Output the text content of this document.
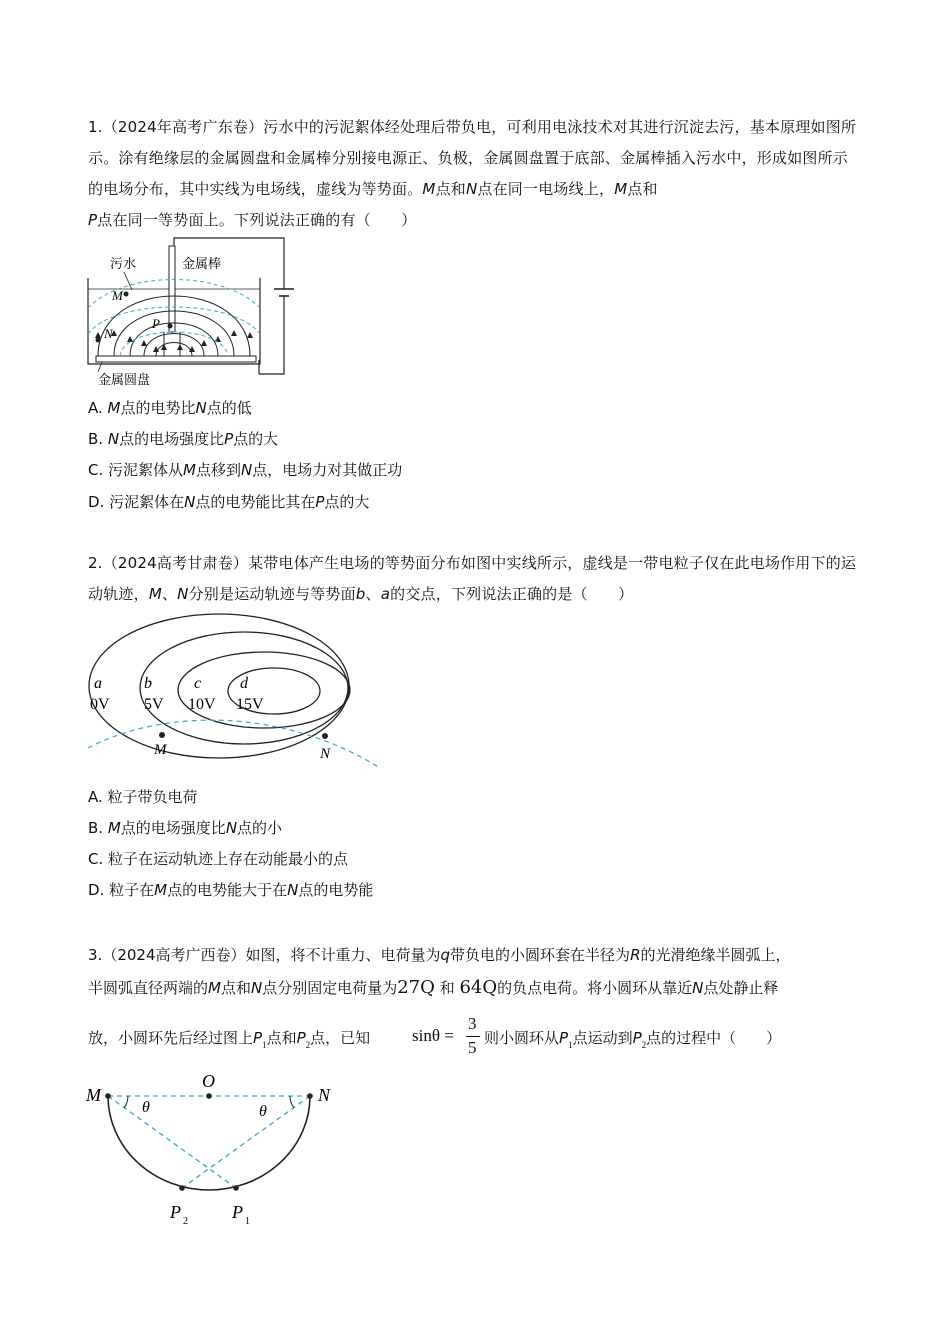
1.（2024年高考广东卷）污水中的污泥絮体经处理后带负电，可利用电泳技术对其进行沉淀去污，基本原理如图所示。涂有绝缘层的金属圆盘和金属棒分别接电源正、负极，金属圆盘置于底部、金属棒插入污水中，形成如图所示的电场分布，其中实线为电场线，虚线为等势面。M点和N点在同一电场线上，M点和
P点在同一等势面上。下列说法正确的有（　　）
M
N
P
污水	金属棒
金属圆盘
A. M点的电势比N点的低
B. N点的电场强度比P点的大
C. 污泥絮体从M点移到N点，电场力对其做正功
D. 污泥絮体在N点的电势能比其在P点的大
2.（2024高考甘肃卷）某带电体产生电场的等势面分布如图中实线所示，虚线是一带电粒子仅在此电场作用下的运动轨迹，M、N分别是运动轨迹与等势面b、a的交点，下列说法正确的是（　　）
M	N
a
0V
b
5V
c
10V
d
15V
A. 粒子带负电荷
B. M点的电场强度比N点的小
C. 粒子在运动轨迹上存在动能最小的点
D. 粒子在M点的电势能大于在N点的电势能
3.（2024高考广西卷）如图，将不计重力、电荷量为q带负电的小圆环套在半径为R的光滑绝缘半圆弧上，
半圆弧直径两端的M点和N点分别固定电荷量为27Q 和 64Q的负点电荷。将小圆环从靠近N点处静止释
放，小圆环先后经过图上$P_1$点和$P_2$点，已知 sinθ =
3
5 则小圆环从$P_1$点运动到$P_2$点的过程中（　　）
M	N
O
θ	θ
P 2 P 1
